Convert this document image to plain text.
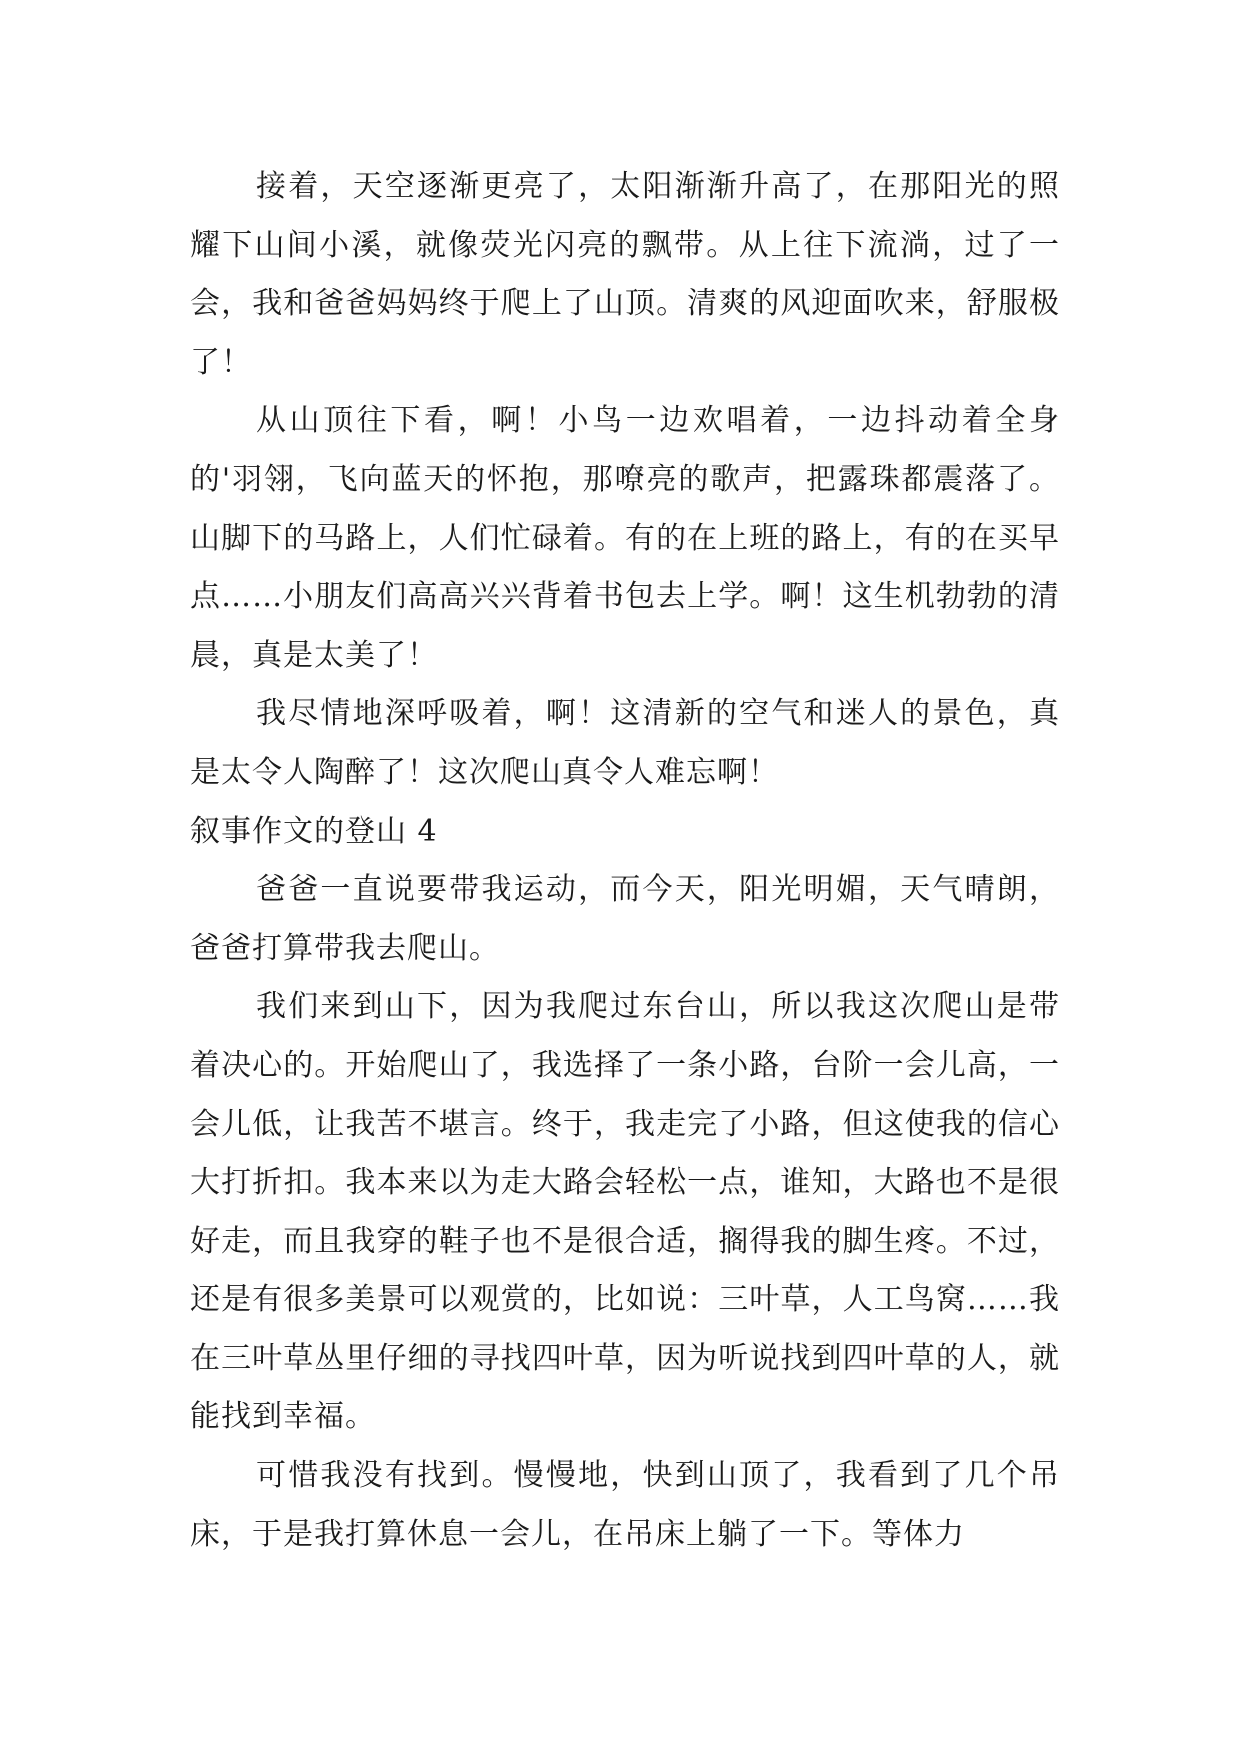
接着，天空逐渐更亮了，太阳渐渐升高了，在那阳光的照耀下山间小溪，就像荧光闪亮的飘带。从上往下流淌，过了一会，我和爸爸妈妈终于爬上了山顶。清爽的风迎面吹来，舒服极了！

从山顶往下看，啊！小鸟一边欢唱着，一边抖动着全身的'羽翎，飞向蓝天的怀抱，那嘹亮的歌声，把露珠都震落了。山脚下的马路上，人们忙碌着。有的在上班的路上，有的在买早点……小朋友们高高兴兴背着书包去上学。啊！这生机勃勃的清晨，真是太美了！

我尽情地深呼吸着，啊！这清新的空气和迷人的景色，真是太令人陶醉了！这次爬山真令人难忘啊！

叙事作文的登山 4

爸爸一直说要带我运动，而今天，阳光明媚，天气晴朗，爸爸打算带我去爬山。

我们来到山下，因为我爬过东台山，所以我这次爬山是带着决心的。开始爬山了，我选择了一条小路，台阶一会儿高，一会儿低，让我苦不堪言。终于，我走完了小路，但这使我的信心大打折扣。我本来以为走大路会轻松一点，谁知，大路也不是很好走，而且我穿的鞋子也不是很合适，搁得我的脚生疼。不过，还是有很多美景可以观赏的，比如说：三叶草，人工鸟窝……我在三叶草丛里仔细的寻找四叶草，因为听说找到四叶草的人，就能找到幸福。

可惜我没有找到。慢慢地，快到山顶了，我看到了几个吊床，于是我打算休息一会儿，在吊床上躺了一下。等体力
